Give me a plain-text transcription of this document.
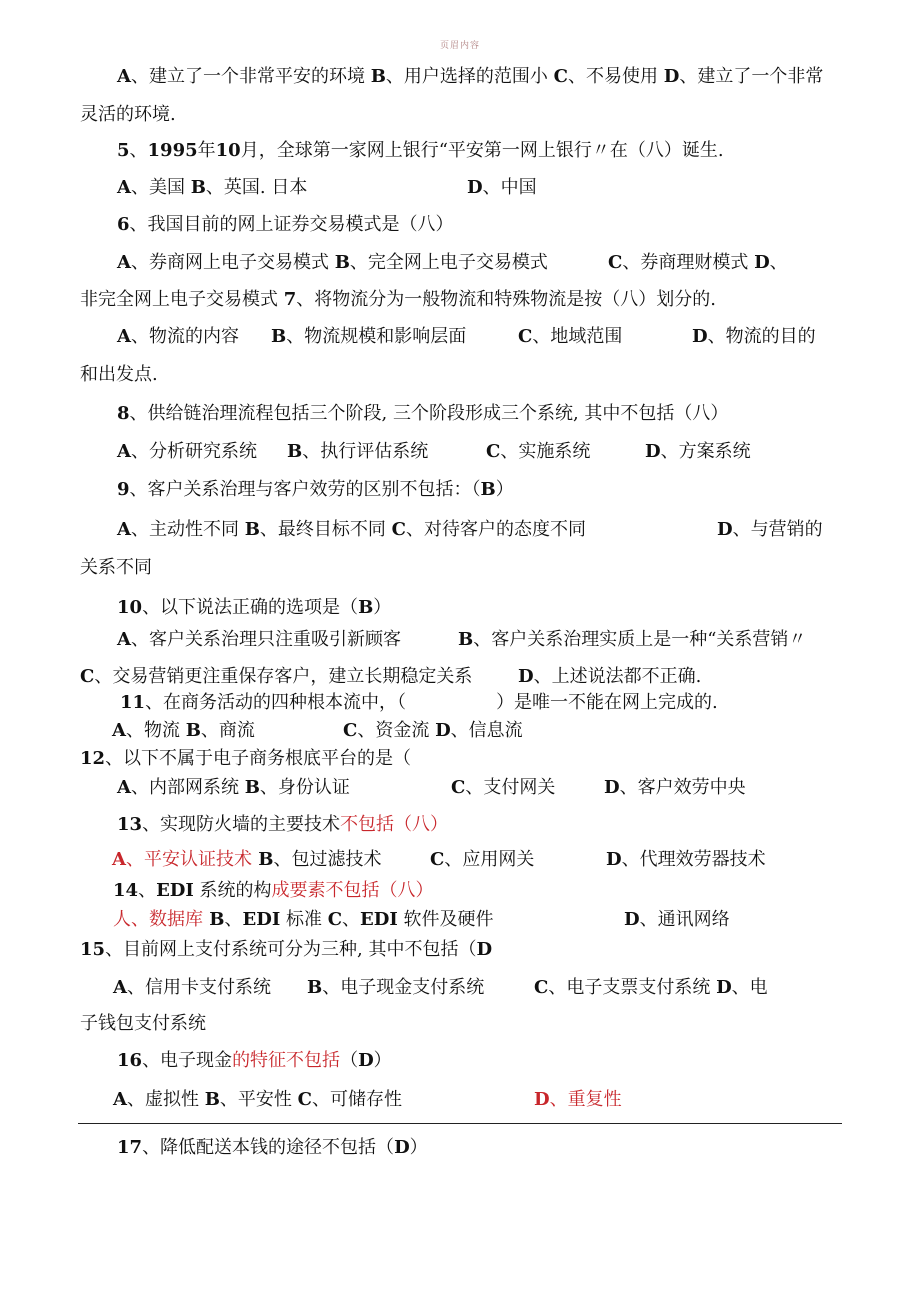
页眉内容
A、建立了一个非常平安的环境 B、用户选择的范围小 C、不易使用 D、建立了一个非常
灵活的环境.
5、1995年10月，全球第一家网上银行“平安第一网上银行〃在（八）诞生.
A、美国 B、英国. 日本	D、中国
6、我国目前的网上证券交易模式是（八）
A、券商网上电子交易模式 B、完全网上电子交易模式	C、券商理财模式 D、
非完全网上电子交易模式 7、将物流分为一般物流和特殊物流是按（八）划分的.
A、物流的内容 B、物流规模和影响层面	C、地域范围	D、物流的目的
和出发点.
8、供给链治理流程包括三个阶段, 三个阶段形成三个系统, 其中不包括（八）
A、分析研究系统 B、执行评估系统	C、实施系统	D、方案系统
9、客户关系治理与客户效劳的区别不包括：（B）
A、主动性不同 B、最终目标不同 C、对待客户的态度不同	D、与营销的
关系不同
10、以下说法正确的选项是（B）
A、客户关系治理只注重吸引新顾客	B、客户关系治理实质上是一种“关系营销〃
C、交易营销更注重保存客户，建立长期稳定关系	D、上述说法都不正确.
11、在商务活动的四种根本流中，（	）是唯一不能在网上完成的.
A、物流 B、商流	C、资金流 D、信息流
12、以下不属于电子商务根底平台的是（
A、内部网系统 B、身份认证	C、支付网关	D、客户效劳中央
13、实现防火墙的主要技术不包括（八）
A、平安认证技术 B、包过滤技术	C、应用网关	D、代理效劳器技术
14、EDI 系统的构成要素不包括（八）
人、数据库 B、EDI 标准 C、EDI 软件及硬件	D、通讯网络
15、目前网上支付系统可分为三种, 其中不包括（D
A、信用卡支付系统 B、电子现金支付系统	C、电子支票支付系统 D、电
子钱包支付系统
16、电子现金的特征不包括（D）
A、虚拟性 B、平安性 C、可储存性	D、重复性
17、降低配送本钱的途径不包括（D）
